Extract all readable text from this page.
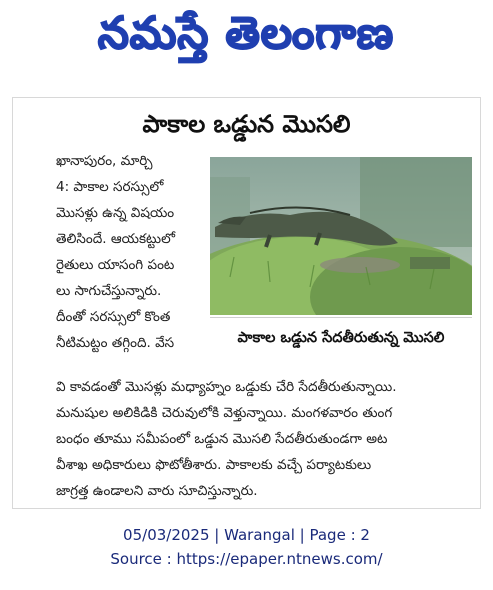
నమస్తే తెలంగాణ
పాకాల ఒడ్డున మొసలి
ఖానాపురం, మార్చి
4: పాకాల సరస్సులో
మొసళ్లు ఉన్న విషయం
తెలిసిందే. ఆయకట్టులో
రైతులు యాసంగి పంట
లు సాగుచేస్తున్నారు.
దీంతో సరస్సులో కొంత
నీటిమట్టం తగ్గింది. వేస	పాకాల ఒడ్డున సేదతీరుతున్న మొసలి
వి కావడంతో మొసళ్లు మధ్యాహ్నం ఒడ్డుకు చేరి సేదతీరుతున్నాయి.
మనుషుల అలికిడికి చెరువులోకి వెళ్తున్నాయి. మంగళవారం తుంగ
బంధం తూము సమీపంలో ఒడ్డున మొసలి సేదతీరుతుండగా అట
వీశాఖ అధికారులు ఫొటోతీశారు. పాకాలకు వచ్చే పర్యాటకులు
జాగ్రత్త ఉండాలని వారు సూచిస్తున్నారు.
05/03/2025 | Warangal | Page : 2
Source : https://epaper.ntnews.com/
